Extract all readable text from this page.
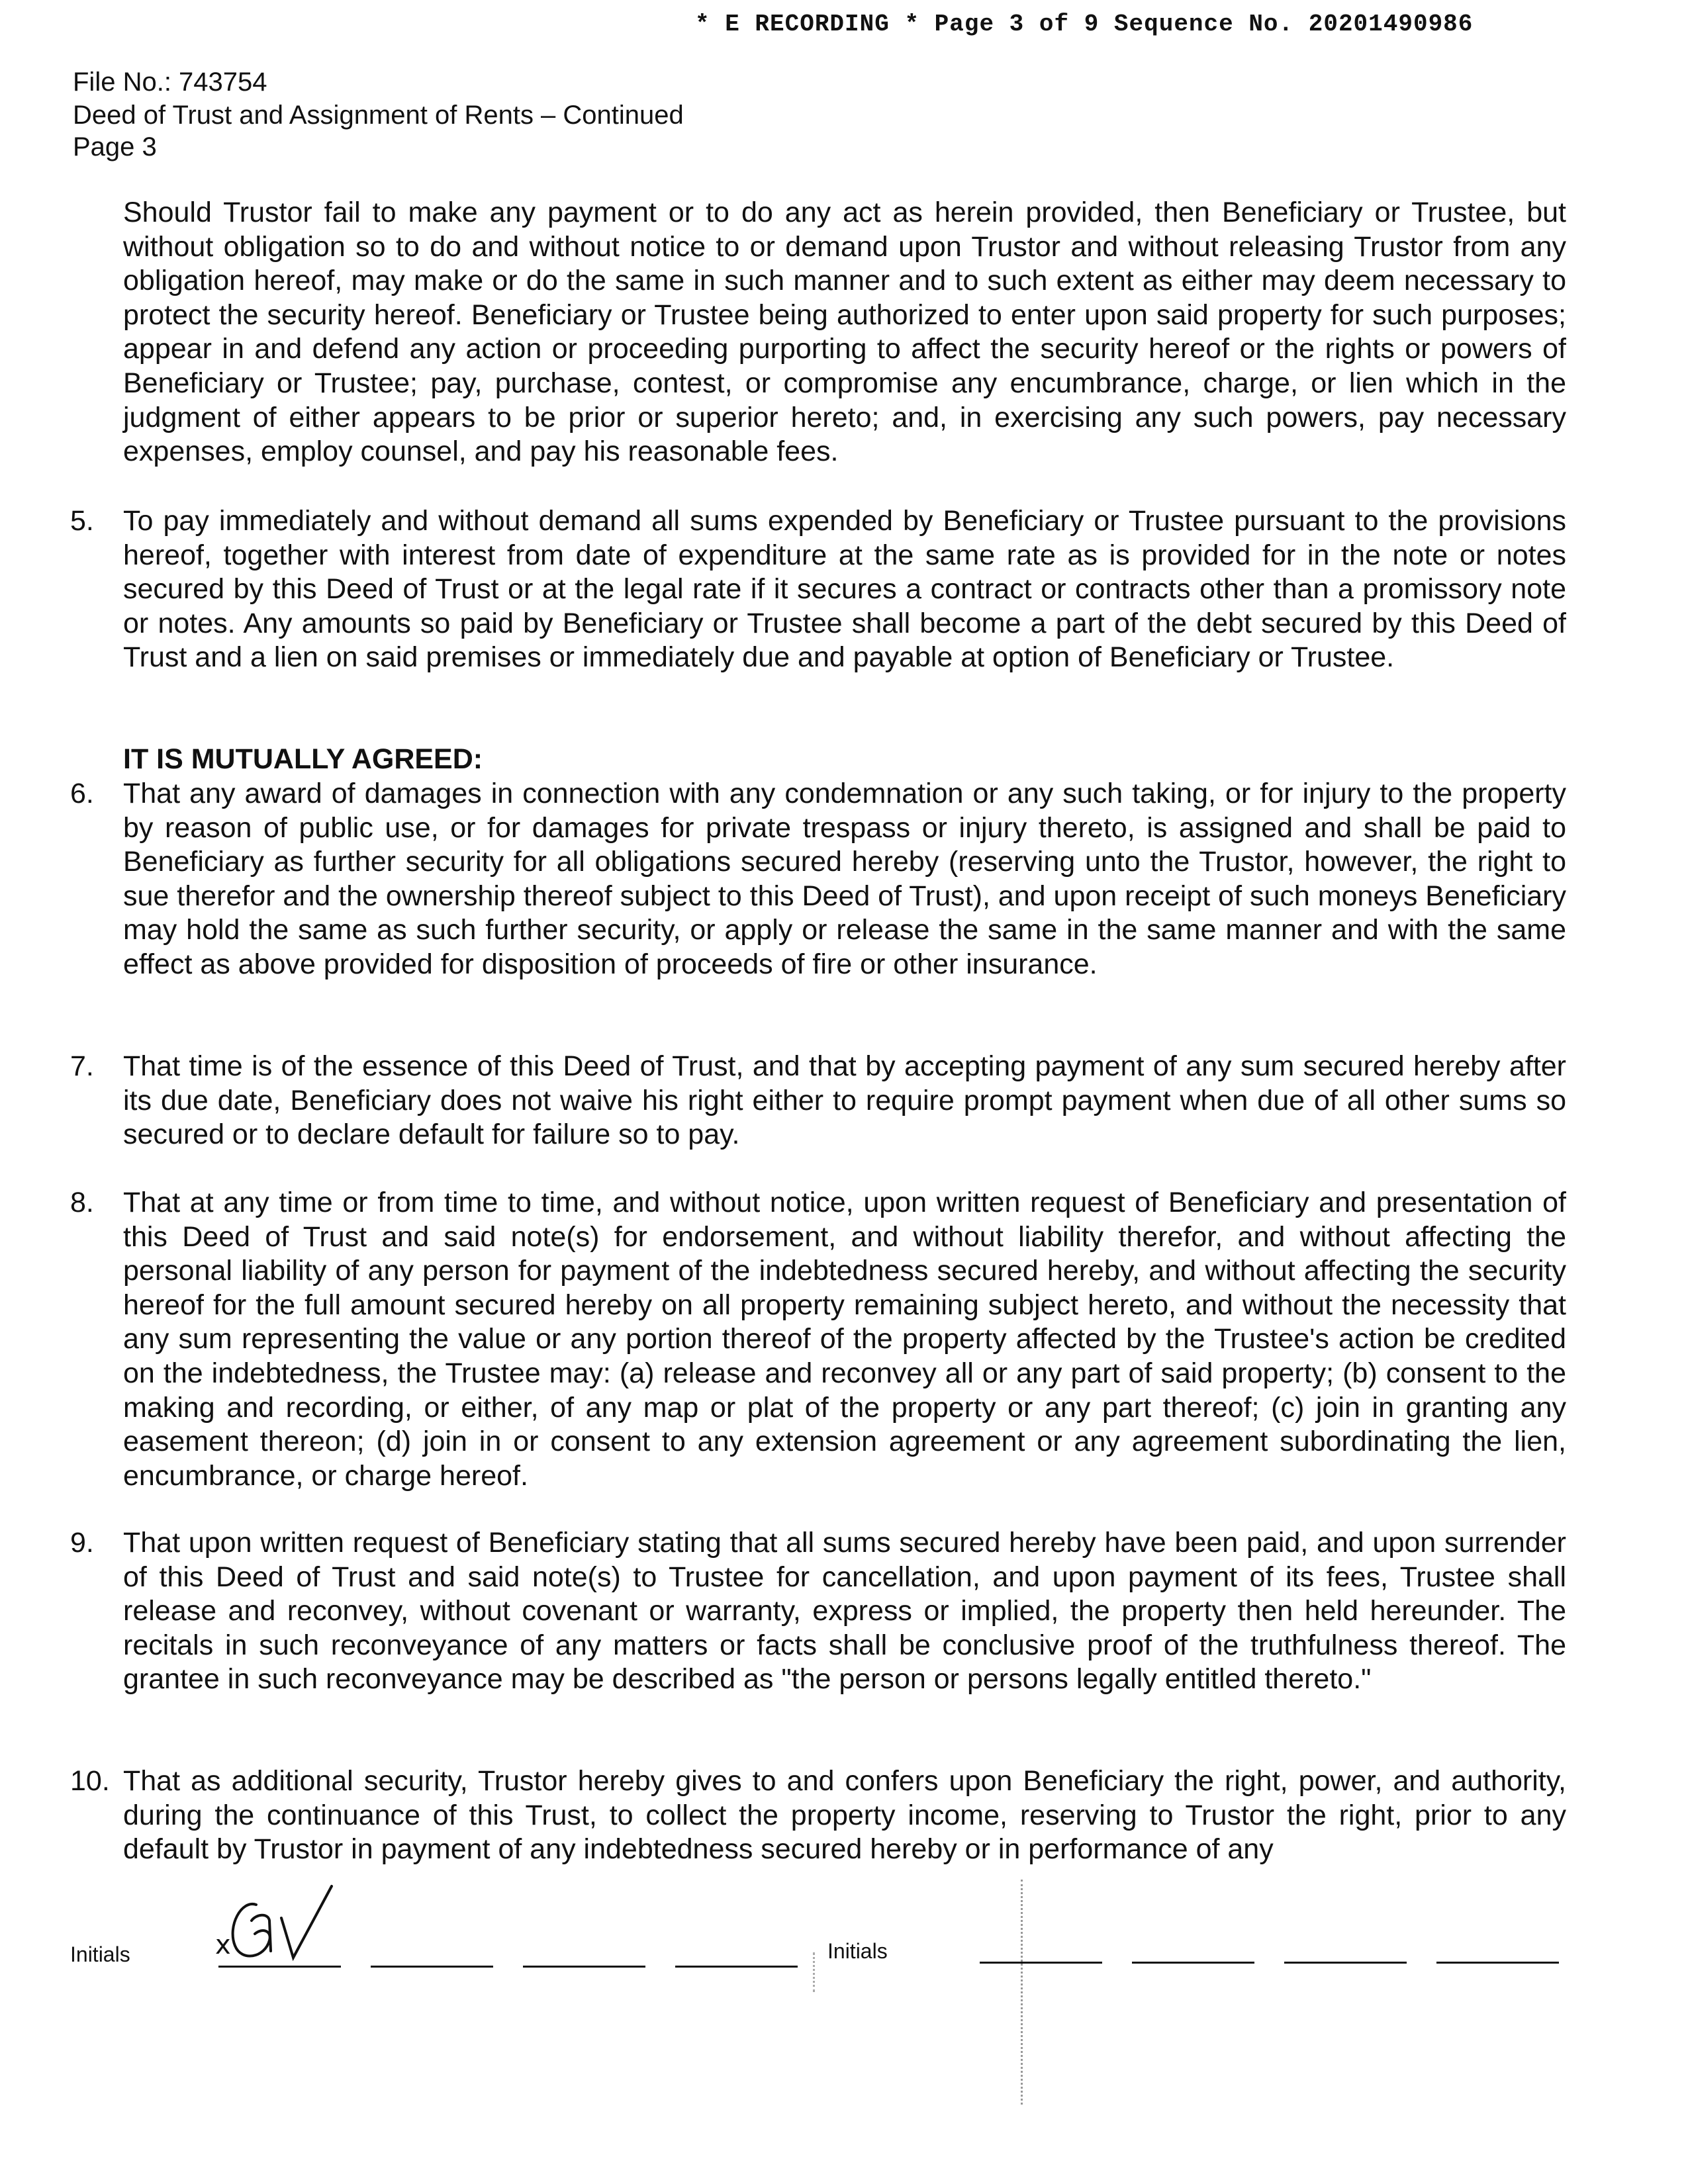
* E RECORDING * Page 3 of 9 Sequence No. 20201490986
File No.: 743754
Deed of Trust and Assignment of Rents – Continued
Page 3

Should Trustor fail to make any payment or to do any act as herein provided, then Beneficiary or Trustee, but without obligation so to do and without notice to or demand upon Trustor and without releasing Trustor from any obligation hereof, may make or do the same in such manner and to such extent as either may deem necessary to protect the security hereof. Beneficiary or Trustee being authorized to enter upon said property for such purposes; appear in and defend any action or proceeding purporting to affect the security hereof or the rights or powers of Beneficiary or Trustee; pay, purchase, contest, or compromise any encumbrance, charge, or lien which in the judgment of either appears to be prior or superior hereto; and, in exercising any such powers, pay necessary expenses, employ counsel, and pay his reasonable fees.

5. To pay immediately and without demand all sums expended by Beneficiary or Trustee pursuant to the provisions hereof, together with interest from date of expenditure at the same rate as is provided for in the note or notes secured by this Deed of Trust or at the legal rate if it secures a contract or contracts other than a promissory note or notes. Any amounts so paid by Beneficiary or Trustee shall become a part of the debt secured by this Deed of Trust and a lien on said premises or immediately due and payable at option of Beneficiary or Trustee.

IT IS MUTUALLY AGREED:
6. That any award of damages in connection with any condemnation or any such taking, or for injury to the property by reason of public use, or for damages for private trespass or injury thereto, is assigned and shall be paid to Beneficiary as further security for all obligations secured hereby (reserving unto the Trustor, however, the right to sue therefor and the ownership thereof subject to this Deed of Trust), and upon receipt of such moneys Beneficiary may hold the same as such further security, or apply or release the same in the same manner and with the same effect as above provided for disposition of proceeds of fire or other insurance.

7. That time is of the essence of this Deed of Trust, and that by accepting payment of any sum secured hereby after its due date, Beneficiary does not waive his right either to require prompt payment when due of all other sums so secured or to declare default for failure so to pay.

8. That at any time or from time to time, and without notice, upon written request of Beneficiary and presentation of this Deed of Trust and said note(s) for endorsement, and without liability therefor, and without affecting the personal liability of any person for payment of the indebtedness secured hereby, and without affecting the security hereof for the full amount secured hereby on all property remaining subject hereto, and without the necessity that any sum representing the value or any portion thereof of the property affected by the Trustee's action be credited on the indebtedness, the Trustee may: (a) release and reconvey all or any part of said property; (b) consent to the making and recording, or either, of any map or plat of the property or any part thereof; (c) join in granting any easement thereon; (d) join in or consent to any extension agreement or any agreement subordinating the lien, encumbrance, or charge hereof.

9. That upon written request of Beneficiary stating that all sums secured hereby have been paid, and upon surrender of this Deed of Trust and said note(s) to Trustee for cancellation, and upon payment of its fees, Trustee shall release and reconvey, without covenant or warranty, express or implied, the property then held hereunder. The recitals in such reconveyance of any matters or facts shall be conclusive proof of the truthfulness thereof. The grantee in such reconveyance may be described as "the person or persons legally entitled thereto."

10. That as additional security, Trustor hereby gives to and confers upon Beneficiary the right, power, and authority, during the continuance of this Trust, to collect the property income, reserving to Trustor the right, prior to any default by Trustor in payment of any indebtedness secured hereby or in performance of any

Initials	x	Initials
